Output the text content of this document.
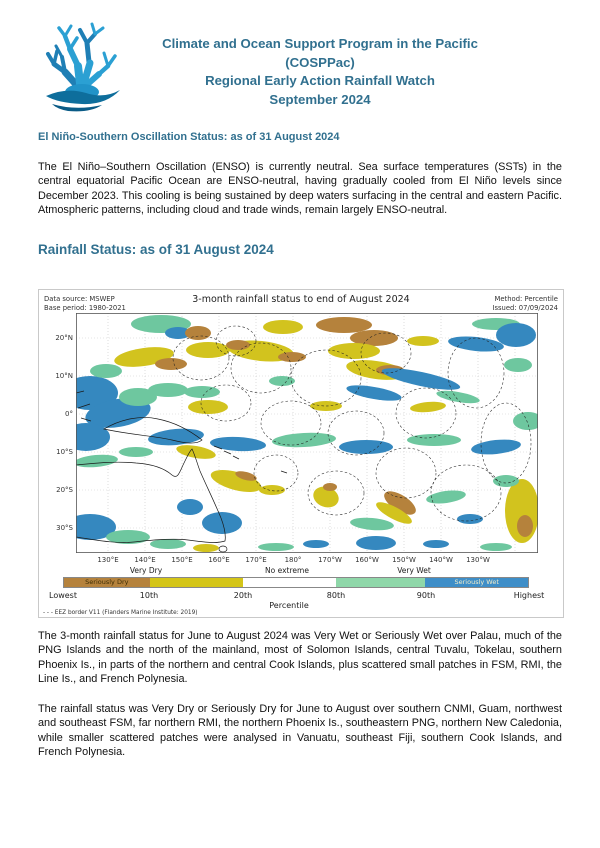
Climate and Ocean Support Program in the Pacific
(COSPPac)
Regional Early Action Rainfall Watch
September 2024
El Niño-Southern Oscillation Status: as of 31 August 2024
The El Niño–Southern Oscillation (ENSO) is currently neutral. Sea surface temperatures (SSTs) in the central equatorial Pacific Ocean are ENSO-neutral, having gradually cooled from El Niño levels since December 2023. This cooling is being sustained by deep waters surfacing in the central and eastern Pacific. Atmospheric patterns, including cloud and trade winds, remain largely ENSO-neutral.
Rainfall Status: as of 31 August 2024
3-month rainfall status to end of August 2024
Data source: MSWEP
Base period: 1980-2021
Method: Percentile
Issued: 07/09/2024
20°N
10°N
0°
10°S
20°S
30°S
130°E 140°E 150°E 160°E 170°E	180° 170°W 160°W 150°W 140°W 130°W
Very Dry	No extreme	Very Wet
Seriously Dry	Seriously Wet
Lowest	10th	20th	80th	90th	Highest
Percentile
- - - EEZ border V11 (Flanders Marine Institute: 2019)
The 3-month rainfall status for June to August 2024 was Very Wet or Seriously Wet over Palau, much of the PNG Islands and the north of the mainland, most of Solomon Islands, central Tuvalu, Tokelau, southern Phoenix Is., in parts of the northern and central Cook Islands, plus scattered small patches in FSM, RMI, the Line Is., and French Polynesia.
The rainfall status was Very Dry or Seriously Dry for June to August over southern CNMI, Guam, northwest and southeast FSM, far northern RMI, the northern Phoenix Is., southeastern PNG, northern New Caledonia, while smaller scattered patches were analysed in Vanuatu, southeast Fiji, southern Cook Islands, and French Polynesia.
